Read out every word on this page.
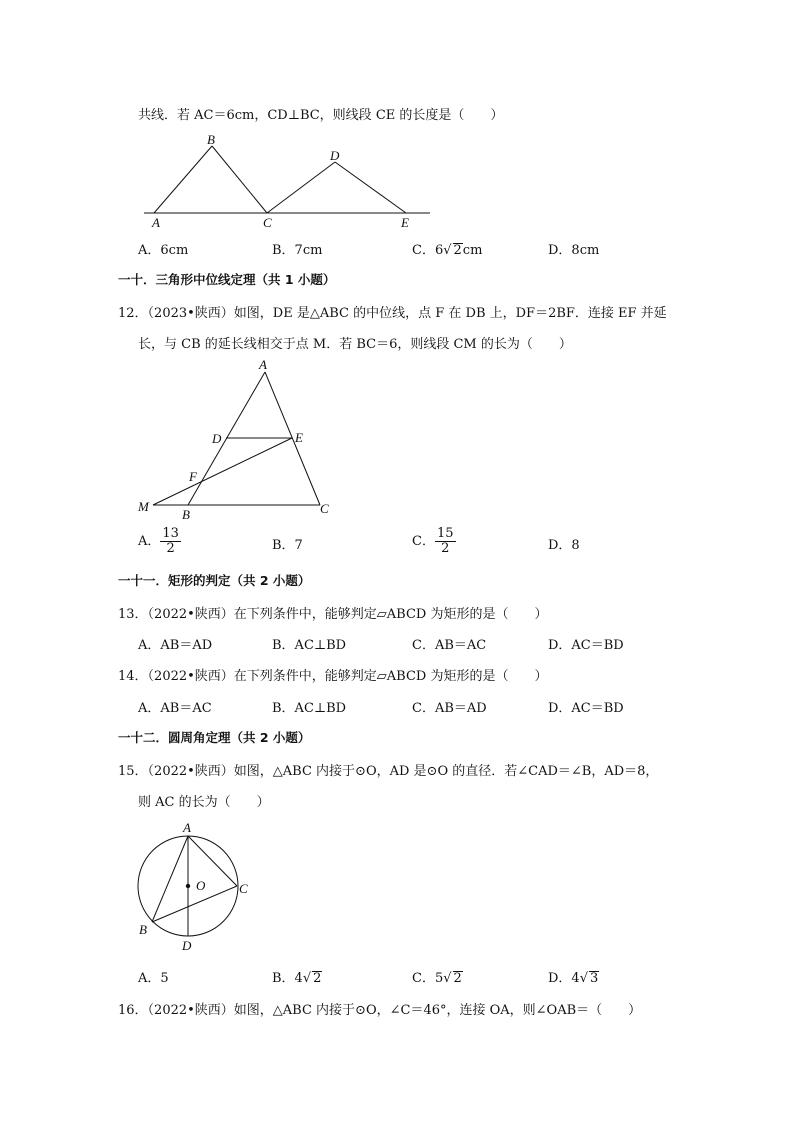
共线．若 AC＝6cm，CD⊥BC，则线段 CE 的长度是（　　）
B
D
A	C	E
A．6cm	B．7cm	C．6√ 2cm	D．8cm
一十．三角形中位线定理（共 1 小题）
12．（2023•陕西）如图，DE 是△ABC 的中位线，点 F 在 DB 上，DF＝2BF．连接 EF 并延
长，与 CB 的延长线相交于点 M．若 BC＝6，则线段 CM 的长为（　　）
A
D	E
F
M
B	C
A． $\frac{13}{2}$	B．7	C． $\frac{15}{2}$	D．8
一十一．矩形的判定（共 2 小题）
13．（2022•陕西）在下列条件中，能够判定▱ABCD 为矩形的是（　　）
A．AB＝AD	B．AC⊥BD	C．AB＝AC	D．AC＝BD
14．（2022•陕西）在下列条件中，能够判定▱ABCD 为矩形的是（　　）
A．AB＝AC	B．AC⊥BD	C．AB＝AD	D．AC＝BD
一十二．圆周角定理（共 2 小题）
15．（2022•陕西）如图，△ABC 内接于⊙O，AD 是⊙O 的直径．若∠CAD＝∠B，AD＝8，
则 AC 的长为（　　）
A
O	C
B
D
A．5	B．4√ 2	C．5√ 2	D．4√ 3
16．（2022•陕西）如图，△ABC 内接于⊙O，∠C＝46°，连接 OA，则∠OAB＝（　　）
